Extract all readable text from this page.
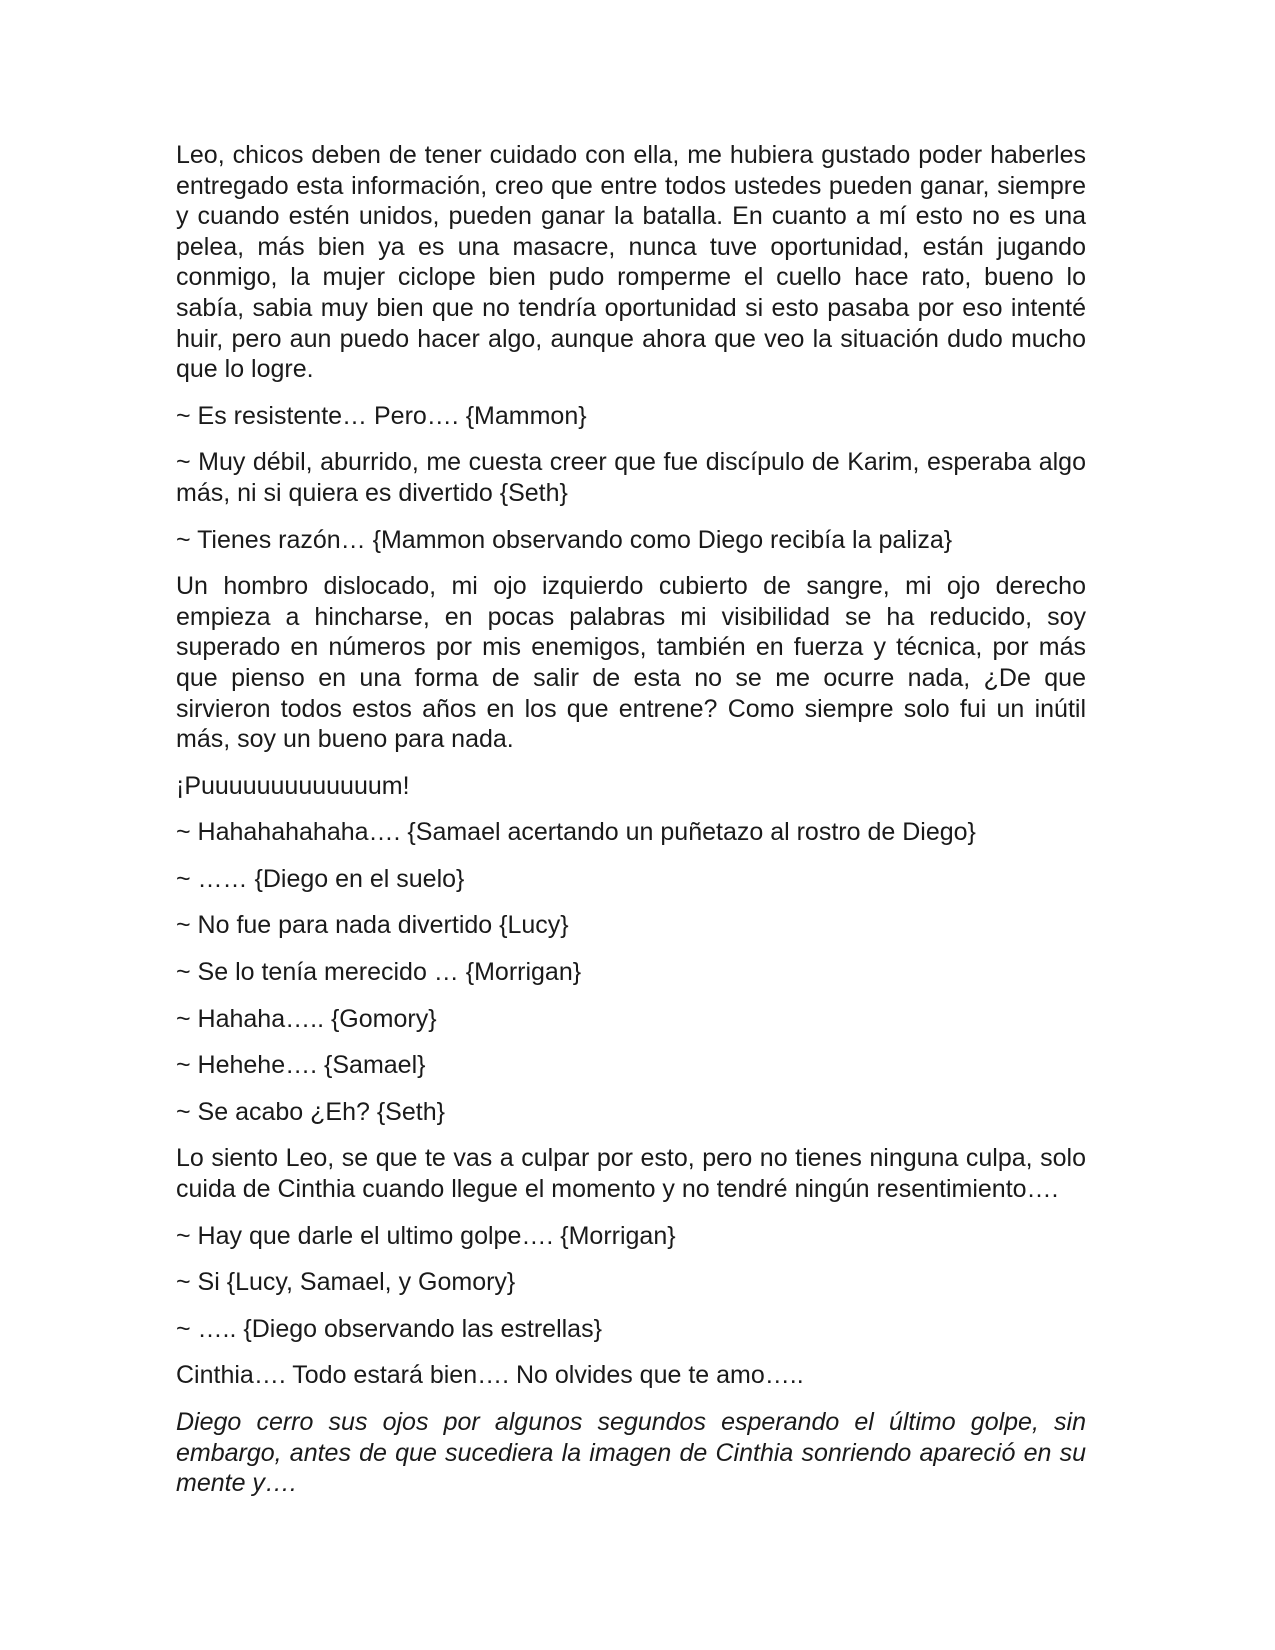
Leo, chicos deben de tener cuidado con ella, me hubiera gustado poder haberles entregado esta información, creo que entre todos ustedes pueden ganar, siempre y cuando estén unidos, pueden ganar la batalla. En cuanto a mí esto no es una pelea, más bien ya es una masacre, nunca tuve oportunidad, están jugando conmigo, la mujer ciclope bien pudo romperme el cuello hace rato, bueno lo sabía, sabia muy bien que no tendría oportunidad si esto pasaba por eso intenté huir, pero aun puedo hacer algo, aunque ahora que veo la situación dudo mucho que lo logre.

~ Es resistente… Pero…. {Mammon}

~ Muy débil, aburrido, me cuesta creer que fue discípulo de Karim, esperaba algo más, ni si quiera es divertido {Seth}

~ Tienes razón… {Mammon observando como Diego recibía la paliza}

Un hombro dislocado, mi ojo izquierdo cubierto de sangre, mi ojo derecho empieza a hincharse, en pocas palabras mi visibilidad se ha reducido, soy superado en números por mis enemigos, también en fuerza y técnica, por más que pienso en una forma de salir de esta no se me ocurre nada, ¿De que sirvieron todos estos años en los que entrene? Como siempre solo fui un inútil más, soy un bueno para nada.

¡Puuuuuuuuuuuuum!

~ Hahahahahaha…. {Samael acertando un puñetazo al rostro de Diego}

~ …… {Diego en el suelo}

~ No fue para nada divertido {Lucy}

~ Se lo tenía merecido … {Morrigan}

~ Hahaha….. {Gomory}

~ Hehehe…. {Samael}

~ Se acabo ¿Eh? {Seth}

Lo siento Leo, se que te vas a culpar por esto, pero no tienes ninguna culpa, solo cuida de Cinthia cuando llegue el momento y no tendré ningún resentimiento….

~ Hay que darle el ultimo golpe…. {Morrigan}

~ Si {Lucy, Samael, y Gomory}

~ ….. {Diego observando las estrellas}

Cinthia…. Todo estará bien…. No olvides que te amo…..

Diego cerro sus ojos por algunos segundos esperando el último golpe, sin embargo, antes de que sucediera la imagen de Cinthia sonriendo apareció en su mente y….
